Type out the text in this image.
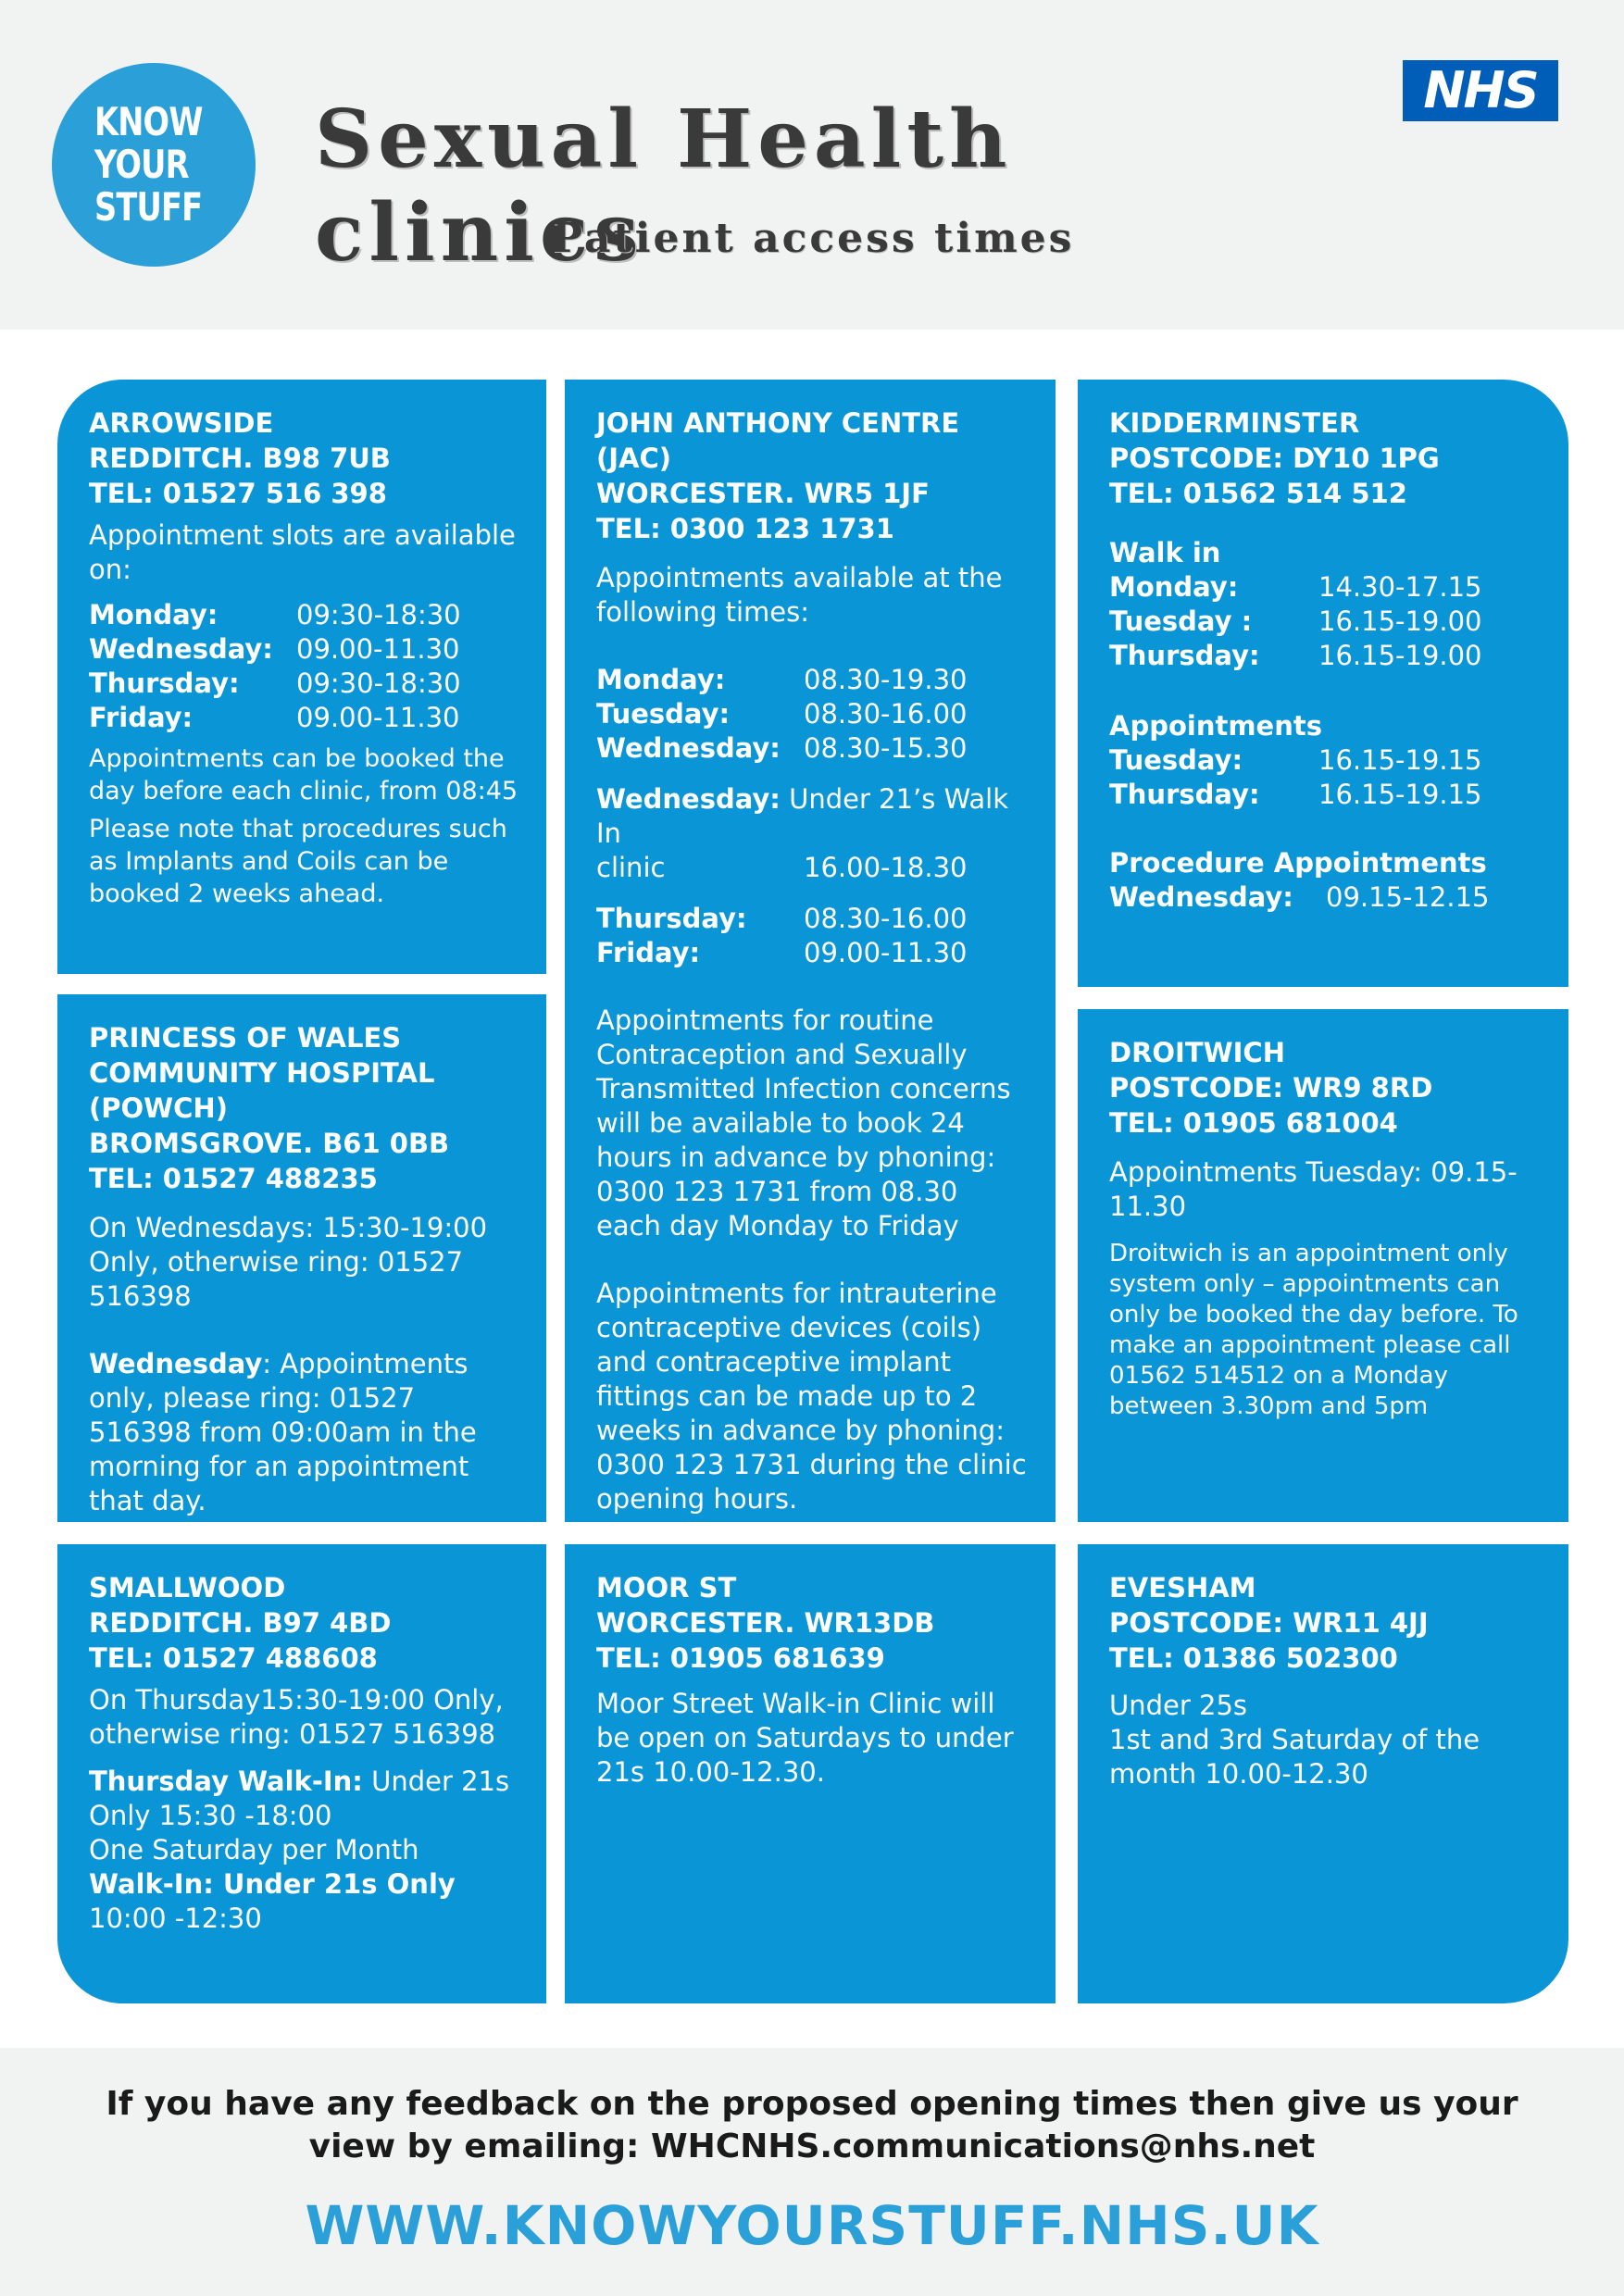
KNOW
YOUR
STUFF
Sexual Health clinics
Patient access times
NHS
ARROWSIDE
REDDITCH. B98 7UB
TEL: 01527 516 398

Appointment slots are available on:

Monday:	09:30-18:30
Wednesday: 09.00-11.30
Thursday:	09:30-18:30
Friday:	09.00-11.30

Appointments can be booked the day before each clinic, from 08:45

Please note that procedures such as Implants and Coils can be booked 2 weeks ahead.

JOHN ANTHONY CENTRE (JAC)
WORCESTER. WR5 1JF
TEL: 0300 123 1731

Appointments available at the following times:

Monday:	08.30-19.30
Tuesday:	08.30-16.00
Wednesday: 08.30-15.30

Wednesday: Under 21’s Walk In

clinic	16.00-18.30
Thursday:	08.30-16.00
Friday:	09.00-11.30

Appointments for routine Contraception and Sexually Transmitted Infection concerns will be available to book 24 hours in advance by phoning: 0300 123 1731 from 08.30 each day Monday to Friday

Appointments for intrauterine contraceptive devices (coils) and contraceptive implant fittings can be made up to 2 weeks in advance by phoning: 0300 123 1731 during the clinic opening hours.

KIDDERMINSTER
POSTCODE: DY10 1PG
TEL: 01562 514 512
Walk in
Monday:	14.30-17.15
Tuesday :	16.15-19.00
Thursday:	16.15-19.00
Appointments
Tuesday:	16.15-19.15
Thursday:	16.15-19.15
Procedure Appointments
Wednesday:	09.15-12.15
PRINCESS OF WALES
COMMUNITY HOSPITAL
(POWCH)
BROMSGROVE. B61 0BB
TEL: 01527 488235

On Wednesdays: 15:30-19:00 Only, otherwise ring: 01527 516398

Wednesday: Appointments only, please ring: 01527 516398 from 09:00am in the morning for an appointment that day.

DROITWICH
POSTCODE: WR9 8RD
TEL: 01905 681004

Appointments Tuesday: 09.15-11.30

Droitwich is an appointment only system only – appointments can only be booked the day before. To make an appointment please call 01562 514512 on a Monday between 3.30pm and 5pm

SMALLWOOD
REDDITCH. B97 4BD
TEL: 01527 488608

On Thursday15:30-19:00 Only, otherwise ring: 01527 516398

Thursday Walk-In: Under 21s Only 15:30 -18:00

One Saturday per Month

Walk-In: Under 21s Only

10:00 -12:30

MOOR ST
WORCESTER. WR13DB
TEL: 01905 681639

Moor Street Walk-in Clinic will be open on Saturdays to under 21s 10.00-12.30.

EVESHAM
POSTCODE: WR11 4JJ
TEL: 01386 502300

Under 25s

1st and 3rd Saturday of the month 10.00-12.30

If you have any feedback on the proposed opening times then give us your view by emailing: WHCNHS.communications@nhs.net
WWW.KNOWYOURSTUFF.NHS.UK
